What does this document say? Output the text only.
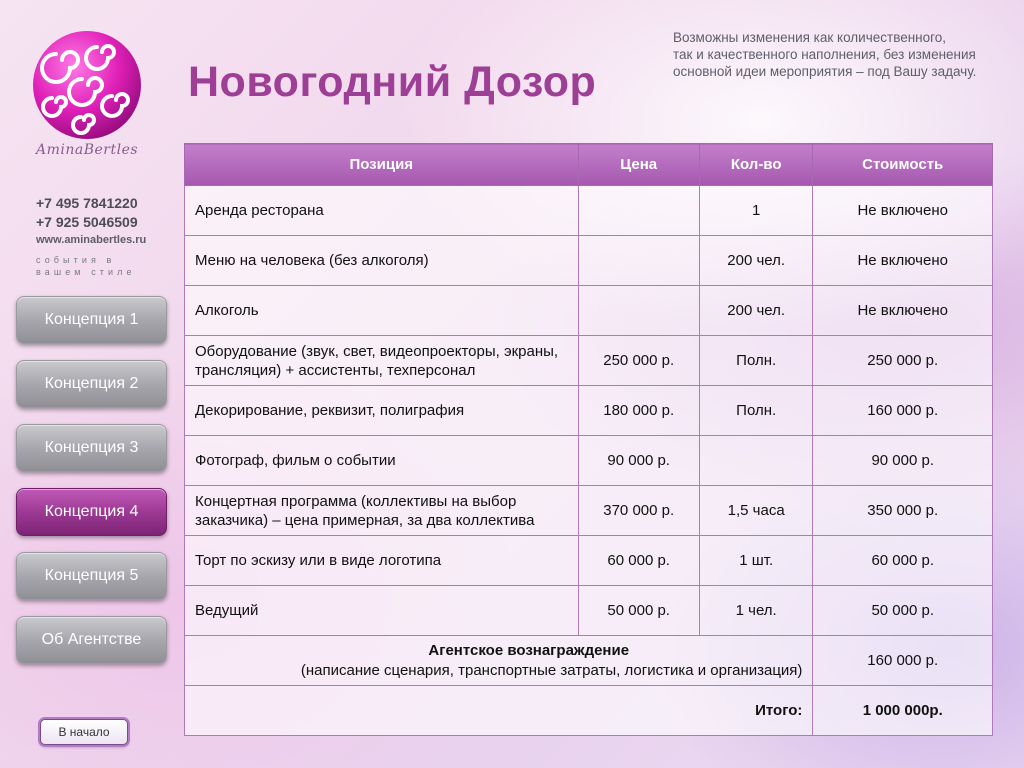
AminaBertles
+7 495 7841220
+7 925 5046509
www.aminabertles.ru
события в вашем стиле
Новогодний Дозор
Возможны изменения как количественного,
так и качественного наполнения, без изменения
основной идеи мероприятия – под Вашу задачу.
Концепция 1
Концепция 2
Концепция 3
Концепция 4
Концепция 5
Об Агентстве
В начало
Позиция	Цена	Кол-во	Стоимость

Аренда ресторана		1	Не включено

Меню на человека (без алкоголя)		200 чел.	Не включено

Алкоголь		200 чел.	Не включено

Оборудование (звук, свет, видеопроекторы, экраны, трансляция) + ассистенты, техперсонал	250 000 р.	Полн.	250 000 р.

Декорирование, реквизит, полиграфия	180 000 р.	Полн.	160 000 р.

Фотограф, фильм о событии	90 000 р.		90 000 р.

Концертная программа (коллективы на выбор заказчика) – цена примерная, за два коллектива	370 000 р.	1,5 часа	350 000 р.

Торт по эскизу или в виде логотипа	60 000 р.	1 шт.	60 000 р.

Ведущий	50 000 р.	1 чел.	50 000 р.

Агентское вознаграждение
(написание сценария, транспортные затраты, логистика и организация)			160 000 р.
Итого:			1 000 000р.
